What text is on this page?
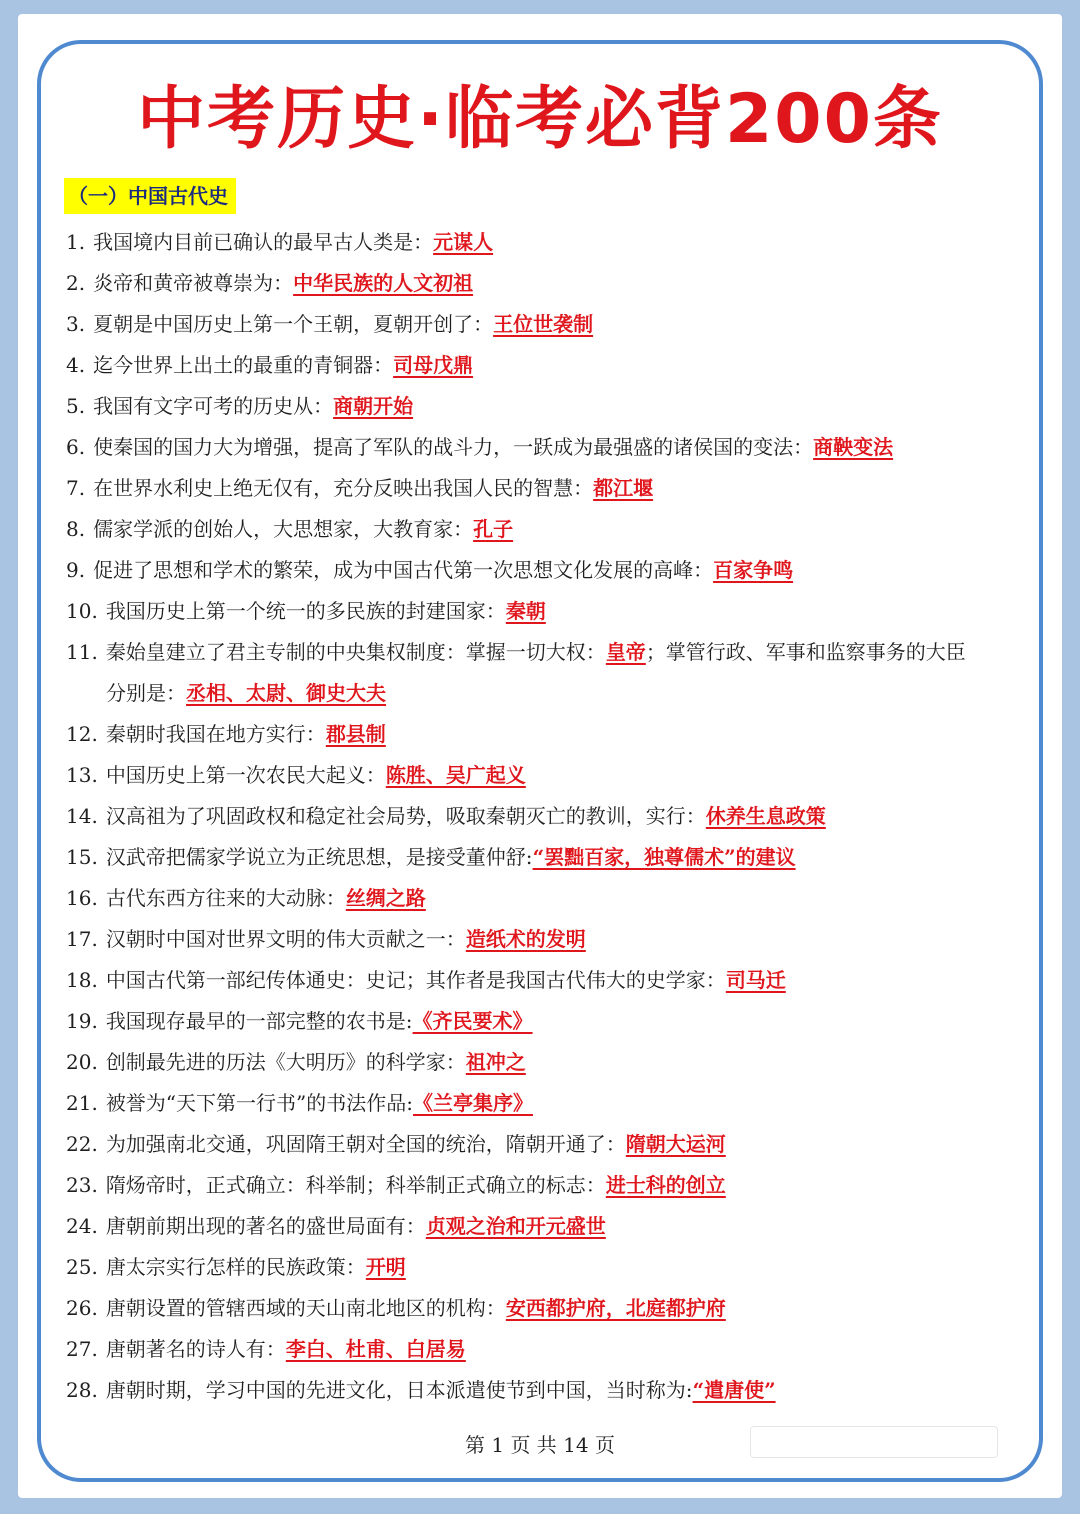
中考历史·临考必背200条
（一）中国古代史
1. 我国境内目前已确认的最早古人类是：元谋人
2. 炎帝和黄帝被尊崇为：中华民族的人文初祖
3. 夏朝是中国历史上第一个王朝，夏朝开创了：王位世袭制
4. 迄今世界上出土的最重的青铜器：司母戊鼎
5. 我国有文字可考的历史从：商朝开始
6. 使秦国的国力大为增强，提高了军队的战斗力，一跃成为最强盛的诸侯国的变法：商鞅变法
7. 在世界水利史上绝无仅有，充分反映出我国人民的智慧：都江堰
8. 儒家学派的创始人，大思想家，大教育家：孔子
9. 促进了思想和学术的繁荣，成为中国古代第一次思想文化发展的高峰：百家争鸣
10. 我国历史上第一个统一的多民族的封建国家：秦朝
11. 秦始皇建立了君主专制的中央集权制度：掌握一切大权：皇帝；掌管行政、军事和监察事务的大臣
分别是：丞相、太尉、御史大夫
12. 秦朝时我国在地方实行：郡县制
13. 中国历史上第一次农民大起义：陈胜、吴广起义
14. 汉高祖为了巩固政权和稳定社会局势，吸取秦朝灭亡的教训，实行：休养生息政策
15. 汉武帝把儒家学说立为正统思想，是接受董仲舒:“罢黜百家，独尊儒术”的建议
16. 古代东西方往来的大动脉：丝绸之路
17. 汉朝时中国对世界文明的伟大贡献之一：造纸术的发明
18. 中国古代第一部纪传体通史：史记；其作者是我国古代伟大的史学家：司马迁
19. 我国现存最早的一部完整的农书是:《齐民要术》
20. 创制最先进的历法《大明历》的科学家：祖冲之
21. 被誉为“天下第一行书”的书法作品:《兰亭集序》
22. 为加强南北交通，巩固隋王朝对全国的统治，隋朝开通了：隋朝大运河
23. 隋炀帝时，正式确立：科举制；科举制正式确立的标志：进士科的创立
24. 唐朝前期出现的著名的盛世局面有：贞观之治和开元盛世
25. 唐太宗实行怎样的民族政策：开明
26. 唐朝设置的管辖西域的天山南北地区的机构：安西都护府，北庭都护府
27. 唐朝著名的诗人有：李白、杜甫、白居易
28. 唐朝时期，学习中国的先进文化，日本派遣使节到中国，当时称为:“遣唐使”
第 1 页 共 14 页
